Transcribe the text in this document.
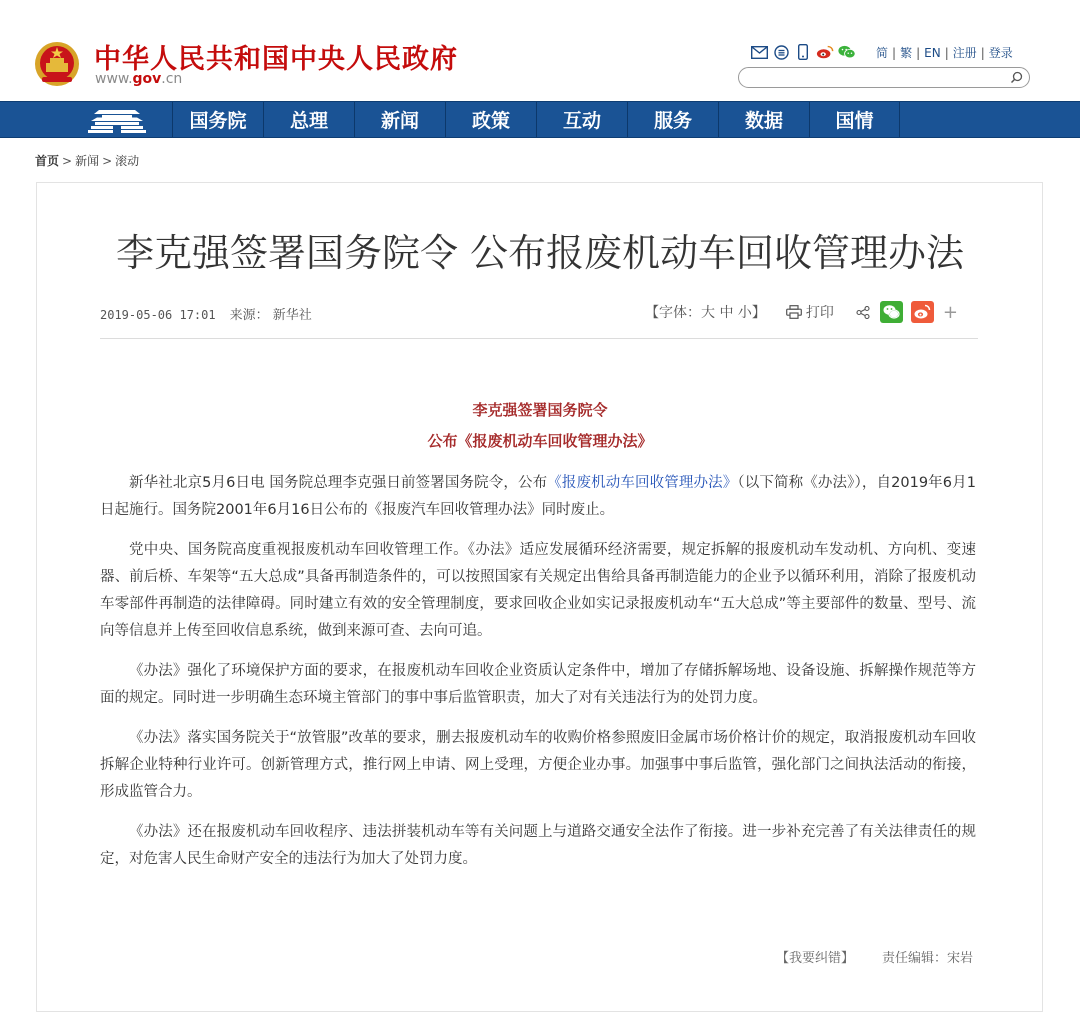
中华人民共和国中央人民政府
www.gov.cn
简 | 繁 | EN | 注册 | 登录
国务院	总理	新闻	政策	互动	服务	数据	国情
首页 > 新闻 > 滚动
李克强签署国务院令 公布报废机动车回收管理办法
2019-05-06 17:01 来源： 新华社	【字体：大 中 小】	打印	+
李克强签署国务院令
公布《报废机动车回收管理办法》

新华社北京5月6日电 国务院总理李克强日前签署国务院令，公布《报废机动车回收管理办法》（以下简称《办法》），自2019年6月1日起施行。国务院2001年6月16日公布的《报废汽车回收管理办法》同时废止。

党中央、国务院高度重视报废机动车回收管理工作。《办法》适应发展循环经济需要，规定拆解的报废机动车发动机、方向机、变速器、前后桥、车架等“五大总成”具备再制造条件的，可以按照国家有关规定出售给具备再制造能力的企业予以循环利用，消除了报废机动车零部件再制造的法律障碍。同时建立有效的安全管理制度，要求回收企业如实记录报废机动车“五大总成”等主要部件的数量、型号、流向等信息并上传至回收信息系统，做到来源可查、去向可追。

《办法》强化了环境保护方面的要求，在报废机动车回收企业资质认定条件中，增加了存储拆解场地、设备设施、拆解操作规范等方面的规定。同时进一步明确生态环境主管部门的事中事后监管职责，加大了对有关违法行为的处罚力度。

《办法》落实国务院关于“放管服”改革的要求，删去报废机动车的收购价格参照废旧金属市场价格计价的规定，取消报废机动车回收拆解企业特种行业许可。创新管理方式，推行网上申请、网上受理，方便企业办事。加强事中事后监管，强化部门之间执法活动的衔接，形成监管合力。

《办法》还在报废机动车回收程序、违法拼装机动车等有关问题上与道路交通安全法作了衔接。进一步补充完善了有关法律责任的规定，对危害人民生命财产安全的违法行为加大了处罚力度。

【我要纠错】 责任编辑：宋岩
